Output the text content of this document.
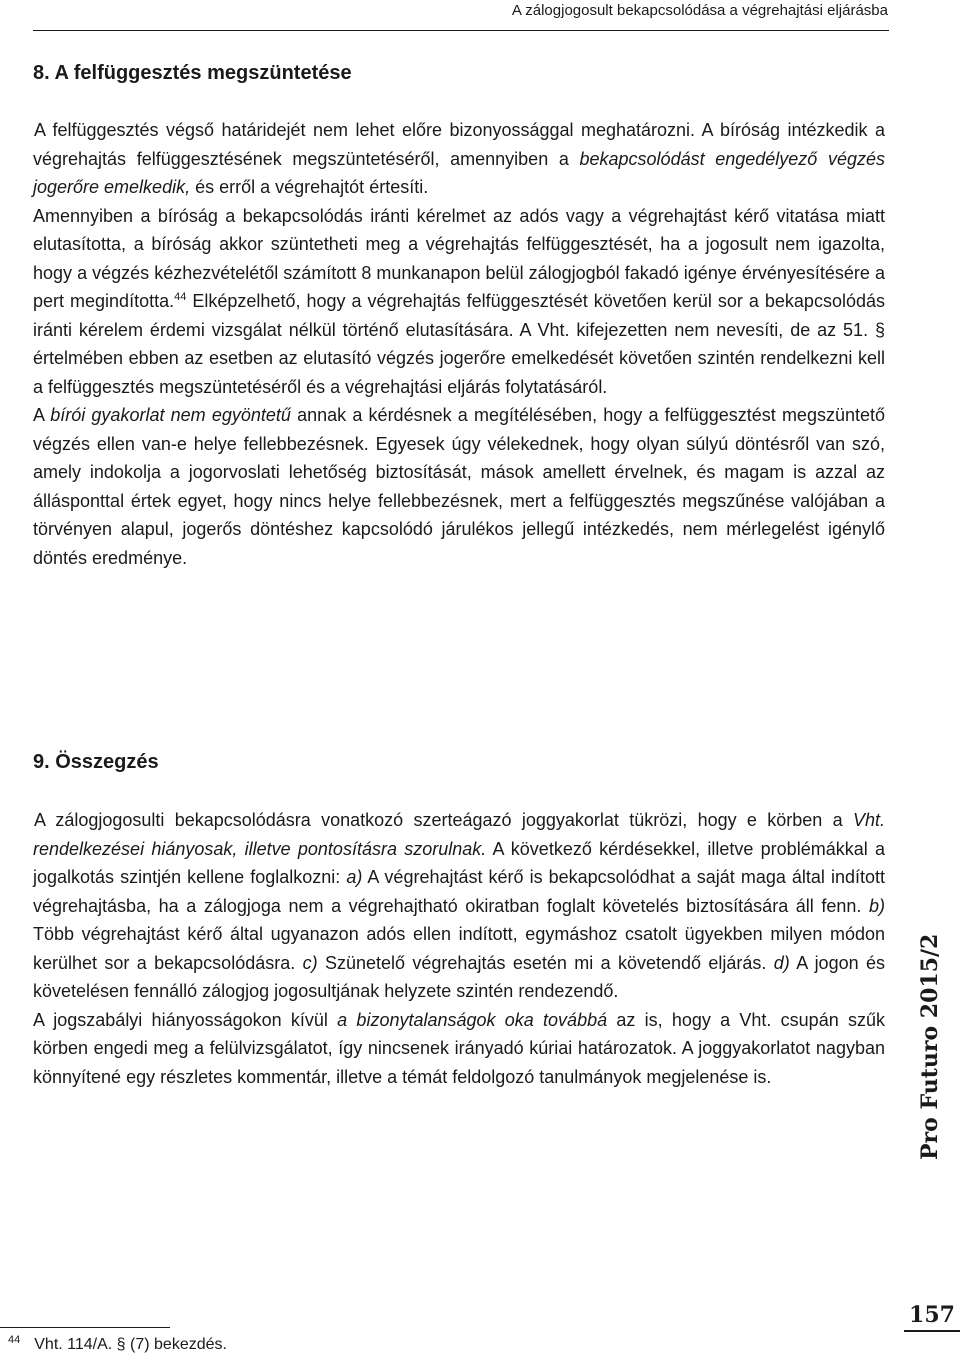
A zálogjogosult bekapcsolódása a végrehajtási eljárásba
8. A felfüggesztés megszüntetése

A felfüggesztés végső határidejét nem lehet előre bizonyossággal meghatározni. A bíróság intézkedik a végrehajtás felfüggesztésének megszüntetéséről, amennyiben a bekapcsolódást engedélyező végzés jogerőre emelkedik, és erről a végrehajtót értesíti.

Amennyiben a bíróság a bekapcsolódás iránti kérelmet az adós vagy a végrehajtást kérő vitatása miatt elutasította, a bíróság akkor szüntetheti meg a végrehajtás felfüggesztését, ha a jogosult nem igazolta, hogy a végzés kézhezvételétől számított 8 munkanapon belül zálogjogból fakadó igénye érvényesítésére a pert megindította.$^{44}$ Elképzelhető, hogy a végrehajtás felfüggesztését követően kerül sor a bekapcsolódás iránti kérelem érdemi vizsgálat nélkül történő elutasítására. A Vht. kifejezetten nem nevesíti, de az 51. § értelmében ebben az esetben az elutasító végzés jogerőre emelkedését követően szintén rendelkezni kell a felfüggesztés megszüntetéséről és a végrehajtási eljárás folytatásáról.

A bírói gyakorlat nem egyöntetű annak a kérdésnek a megítélésében, hogy a felfüggesztést megszüntető végzés ellen van-e helye fellebbezésnek. Egyesek úgy vélekednek, hogy olyan súlyú döntésről van szó, amely indokolja a jogorvoslati lehetőség biztosítását, mások amellett érvelnek, és magam is azzal az állásponttal értek egyet, hogy nincs helye fellebbezésnek, mert a felfüggesztés megszűnése valójában a törvényen alapul, jogerős döntéshez kapcsolódó járulékos jellegű intézkedés, nem mérlegelést igénylő döntés eredménye.

9. Összegzés

A zálogjogosulti bekapcsolódásra vonatkozó szerteágazó joggyakorlat tükrözi, hogy e körben a Vht. rendelkezései hiányosak, illetve pontosításra szorulnak. A következő kérdésekkel, illetve problémákkal a jogalkotás szintjén kellene foglalkozni: a) A végrehajtást kérő is bekapcsolódhat a saját maga által indított végrehajtásba, ha a zálogjoga nem a végrehajtható okiratban foglalt követelés biztosítására áll fenn. b) Több végrehajtást kérő által ugyanazon adós ellen indított, egymáshoz csatolt ügyekben milyen módon kerülhet sor a bekapcsolódásra. c) Szünetelő végrehajtás esetén mi a követendő eljárás. d) A jogon és követelésen fennálló zálogjog jogosultjának helyzete szintén rendezendő.

A jogszabályi hiányosságokon kívül a bizonytalanságok oka továbbá az is, hogy a Vht. csupán szűk körben engedi meg a felülvizsgálatot, így nincsenek irányadó kúriai határozatok. A joggyakorlatot nagyban könnyítené egy részletes kommentár, illetve a témát feldolgozó tanulmányok megjelenése is.	Pro Futuro 2015/2
157
$^{44}$ Vht. 114/A. § (7) bekezdés.
